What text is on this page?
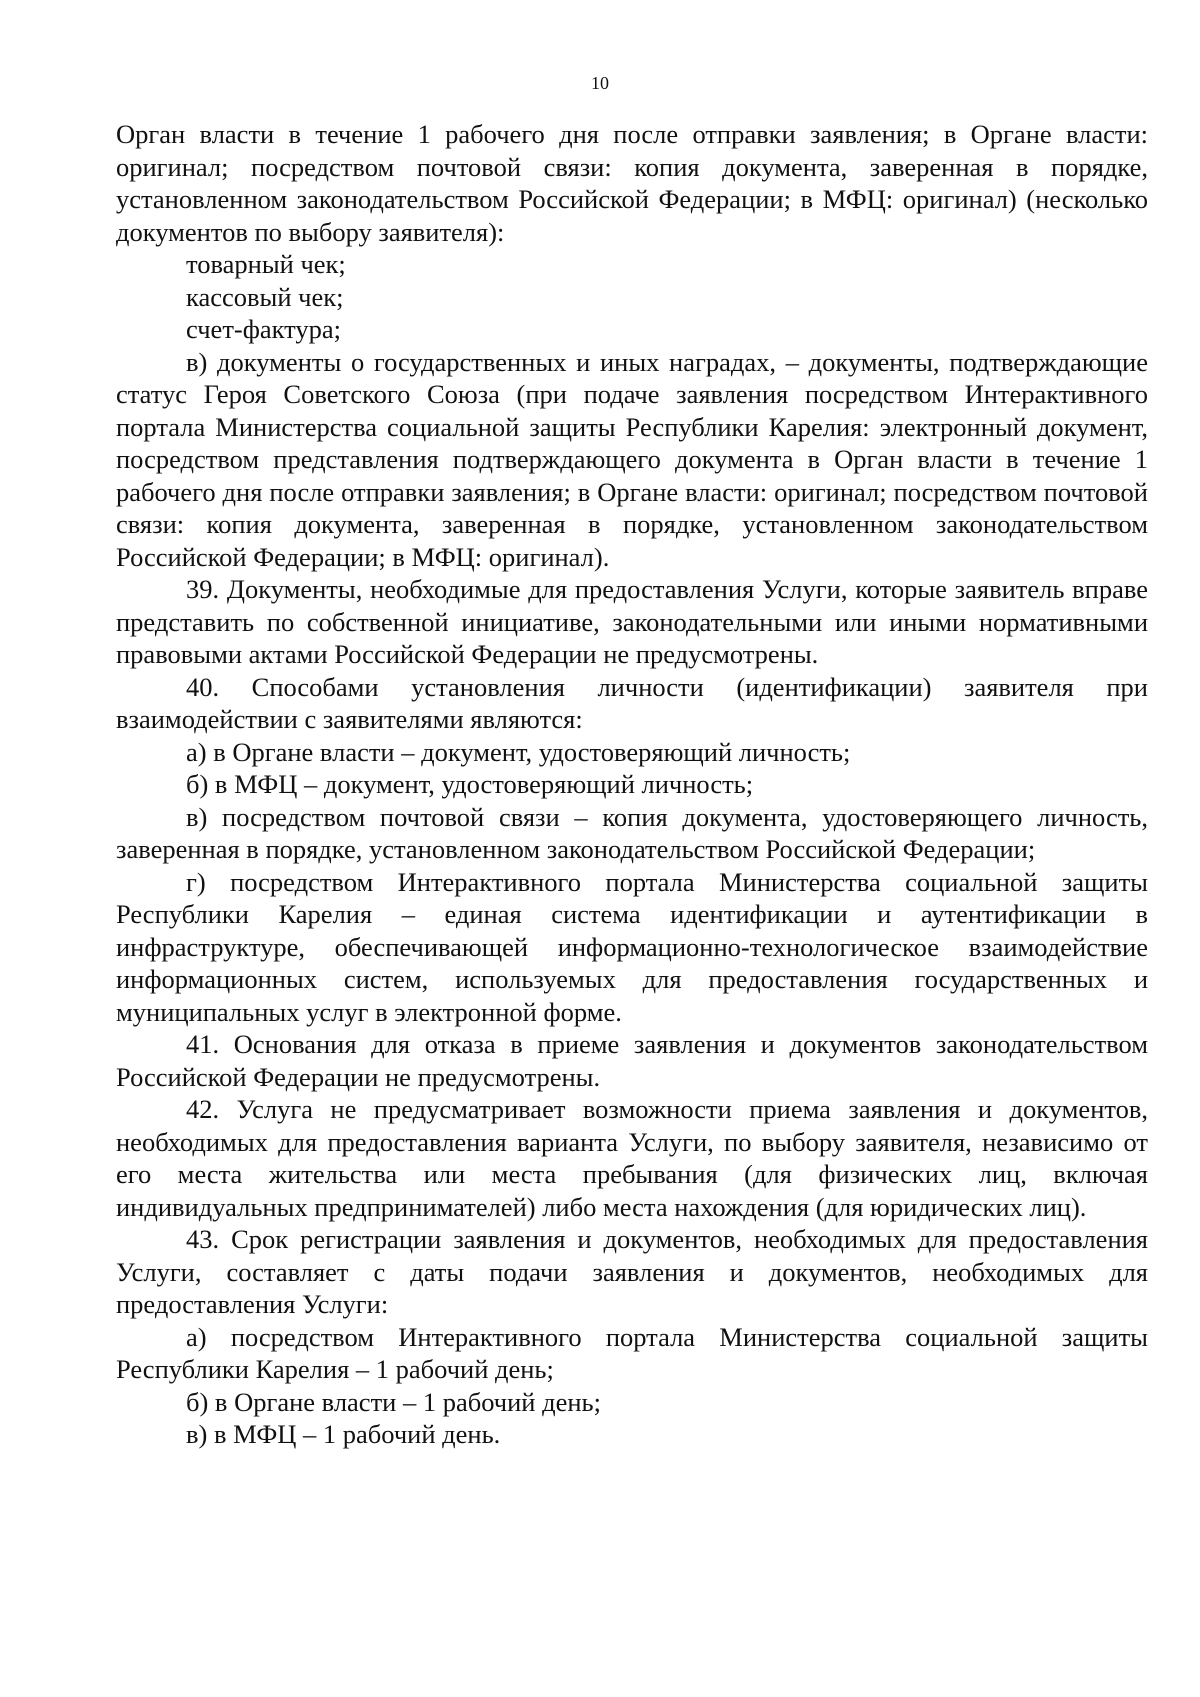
10

Орган власти в течение 1 рабочего дня после отправки заявления; в Органе власти: оригинал; посредством почтовой связи: копия документа, заверенная в порядке, установленном законодательством Российской Федерации; в МФЦ: оригинал) (несколько документов по выбору заявителя):

товарный чек;

кассовый чек;

счет-фактура;

в) документы о государственных и иных наградах, – документы, подтверждающие статус Героя Советского Союза (при подаче заявления посредством Интерактивного портала Министерства социальной защиты Республики Карелия: электронный документ, посредством представления подтверждающего документа в Орган власти в течение 1 рабочего дня после отправки заявления; в Органе власти: оригинал; посредством почтовой связи: копия документа, заверенная в порядке, установленном законодательством Российской Федерации; в МФЦ: оригинал).

39. Документы, необходимые для предоставления Услуги, которые заявитель вправе представить по собственной инициативе, законодательными или иными нормативными правовыми актами Российской Федерации не предусмотрены.

40. Способами установления личности (идентификации) заявителя при взаимодействии с заявителями являются:

а) в Органе власти – документ, удостоверяющий личность;

б) в МФЦ – документ, удостоверяющий личность;

в) посредством почтовой связи – копия документа, удостоверяющего личность, заверенная в порядке, установленном законодательством Российской Федерации;

г) посредством Интерактивного портала Министерства социальной защиты Республики Карелия – единая система идентификации и аутентификации в инфраструктуре, обеспечивающей информационно-технологическое взаимодействие информационных систем, используемых для предоставления государственных и муниципальных услуг в электронной форме.

41. Основания для отказа в приеме заявления и документов законодательством Российской Федерации не предусмотрены.

42. Услуга не предусматривает возможности приема заявления и документов, необходимых для предоставления варианта Услуги, по выбору заявителя, независимо от его места жительства или места пребывания (для физических лиц, включая индивидуальных предпринимателей) либо места нахождения (для юридических лиц).

43. Срок регистрации заявления и документов, необходимых для предоставления Услуги, составляет с даты подачи заявления и документов, необходимых для предоставления Услуги:

а) посредством Интерактивного портала Министерства социальной защиты Республики Карелия – 1 рабочий день;

б) в Органе власти – 1 рабочий день;

в) в МФЦ – 1 рабочий день.
